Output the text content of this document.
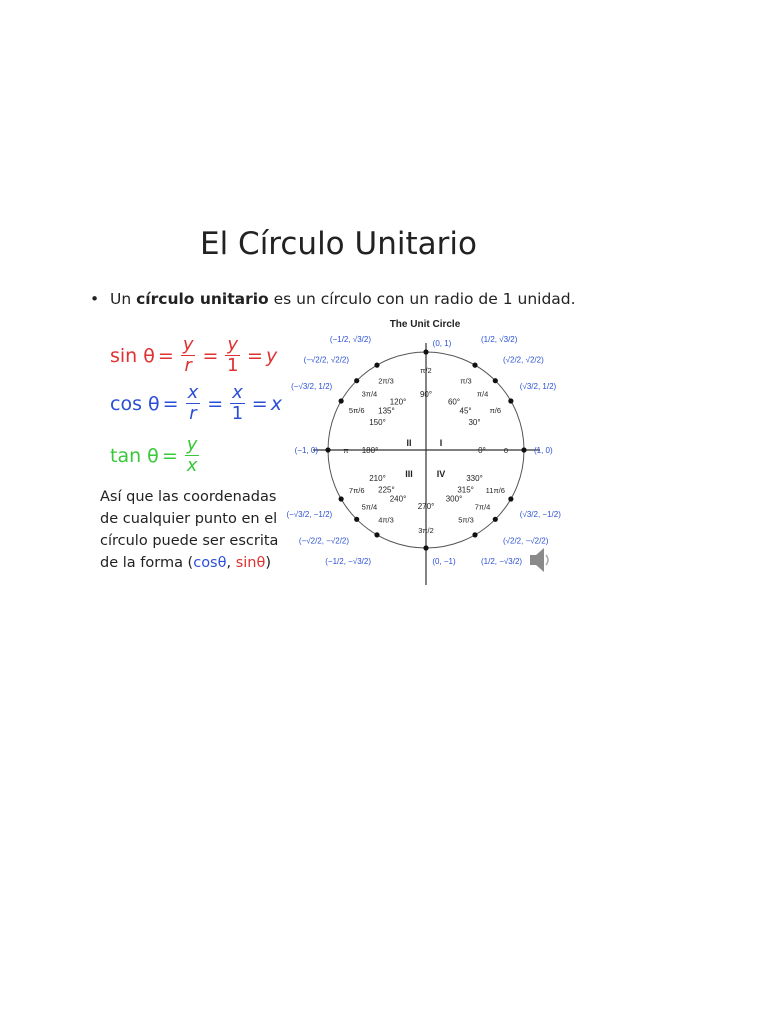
El Círculo Unitario
• Un círculo unitario es un círculo con un radio de 1 unidad.
$\sin \theta = \frac{y}{r} = \frac{y}{1} = y$
$\cos \theta = \frac{x}{r} = \frac{x}{1} = x$
$\tan \theta = \frac{y}{x}$
Así que las coordenadas de cualquier punto en el círculo puede ser escrita de la forma (cosθ, sinθ)
The Unit Circle
I
II
III	IV
(1, 0)
0
0°
(√3/2, 1/2)
π/6
30°
(√2/2, √2/2)
π/4
45°
(1/2, √3/2)
π/3
60°
(0, 1)
π/2
90°
(−1/2, √3/2)
2π/3
120°
(−√2/2, √2/2)
3π/4
135°
(−√3/2, 1/2)
5π/6
150°
(−1, 0)	π 180°
(−√3/2, −1/2)
7π/6
210°
(−√2/2, −√2/2)
5π/4
225°
(−1/2, −√3/2)
4π/3
240°
(0, −1)
3π/2
270°
(1/2, −√3/2)
5π/3
300°
(√2/2, −√2/2)
7π/4
315°
(√3/2, −1/2)
11π/6
330°
